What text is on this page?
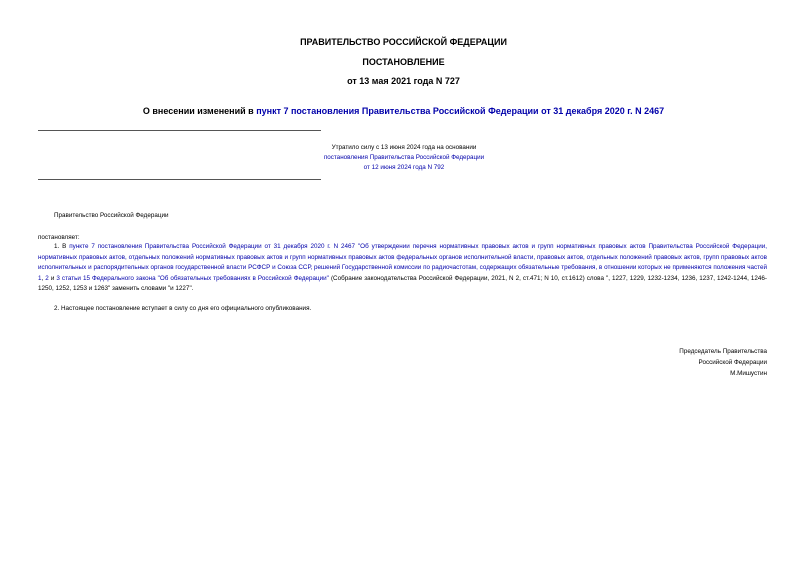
ПРАВИТЕЛЬСТВО РОССИЙСКОЙ ФЕДЕРАЦИИ
ПОСТАНОВЛЕНИЕ
от 13 мая 2021 года N 727
О внесении изменений в пункт 7 постановления Правительства Российской Федерации от 31 декабря 2020 г. N 2467
Утратило силу с 13 июня 2024 года на основании
постановления Правительства Российской Федерации
от 12 июня 2024 года N 792
Правительство Российской Федерации
постановляет:
1. В пункте 7 постановления Правительства Российской Федерации от 31 декабря 2020 г. N 2467 "Об утверждении перечня нормативных правовых актов и групп нормативных правовых актов Правительства Российской Федерации, нормативных правовых актов, отдельных положений нормативных правовых актов и групп нормативных правовых актов федеральных органов исполнительной власти, правовых актов, отдельных положений правовых актов, групп правовых актов исполнительных и распорядительных органов государственной власти РСФСР и Союза ССР, решений Государственной комиссии по радиочастотам, содержащих обязательные требования, в отношении которых не применяются положения частей 1, 2 и 3 статьи 15 Федерального закона "Об обязательных требованиях в Российской Федерации" (Собрание законодательства Российской Федерации, 2021, N 2, ст.471; N 10, ст.1612) слова ", 1227, 1229, 1232-1234, 1236, 1237, 1242-1244, 1246-1250, 1252, 1253 и 1263" заменить словами "и 1227".
2. Настоящее постановление вступает в силу со дня его официального опубликования.
Председатель Правительства
Российской Федерации
М.Мишустин
